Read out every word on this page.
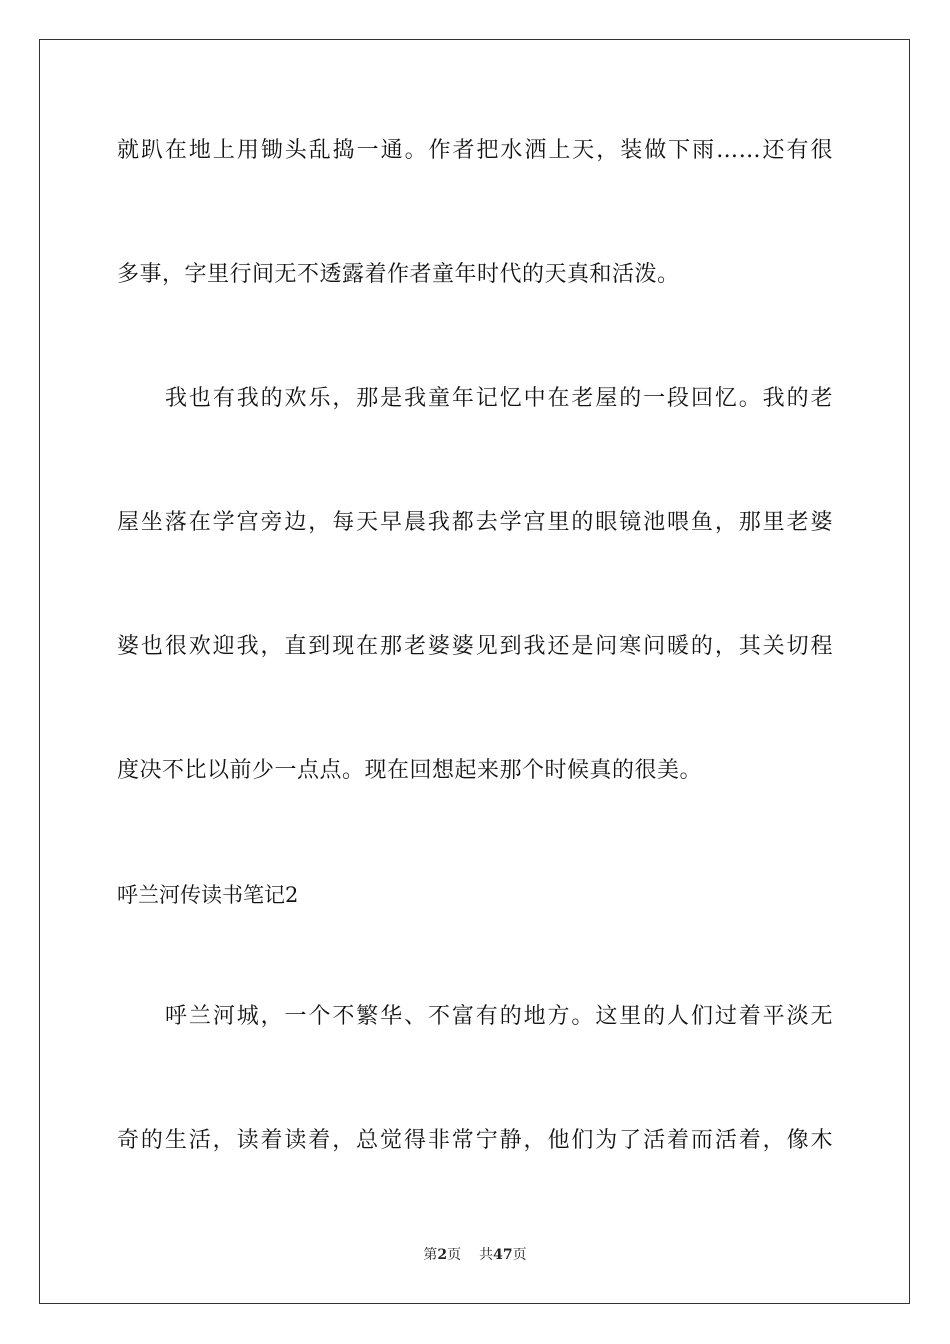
就趴在地上用锄头乱捣一通。作者把水洒上天，装做下雨……还有很
多事，字里行间无不透露着作者童年时代的天真和活泼。
我也有我的欢乐，那是我童年记忆中在老屋的一段回忆。我的老
屋坐落在学宫旁边，每天早晨我都去学宫里的眼镜池喂鱼，那里老婆
婆也很欢迎我，直到现在那老婆婆见到我还是问寒问暖的，其关切程
度决不比以前少一点点。现在回想起来那个时候真的很美。
呼兰河传读书笔记2
呼兰河城，一个不繁华、不富有的地方。这里的人们过着平淡无
奇的生活，读着读着，总觉得非常宁静，他们为了活着而活着，像木
第2页 共47页
